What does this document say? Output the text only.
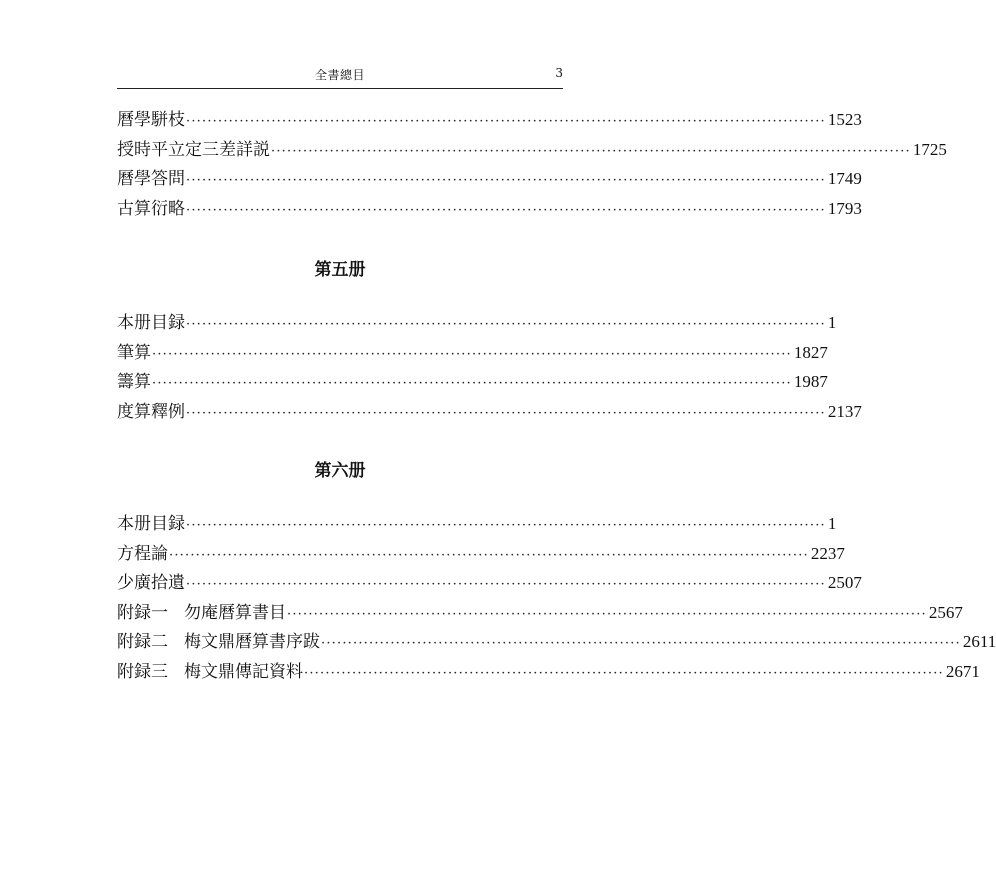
全書總目	3
曆學駢枝 ························································································································ 1523
授時平立定三差詳説 ························································································································ 1725
曆學答問 ························································································································ 1749
古算衍略 ························································································································ 1793
第五册
本册目録 ························································································································ 1
筆算 ························································································································ 1827
籌算 ························································································································ 1987
度算釋例 ························································································································ 2137
第六册
本册目録 ························································································································ 1
方程論 ························································································································ 2237
少廣拾遺 ························································································································ 2507
附録一 勿庵曆算書目 ························································································································ 2567
附録二 梅文鼎曆算書序跋 ························································································································ 2611
附録三 梅文鼎傳記資料 ························································································································ 2671
